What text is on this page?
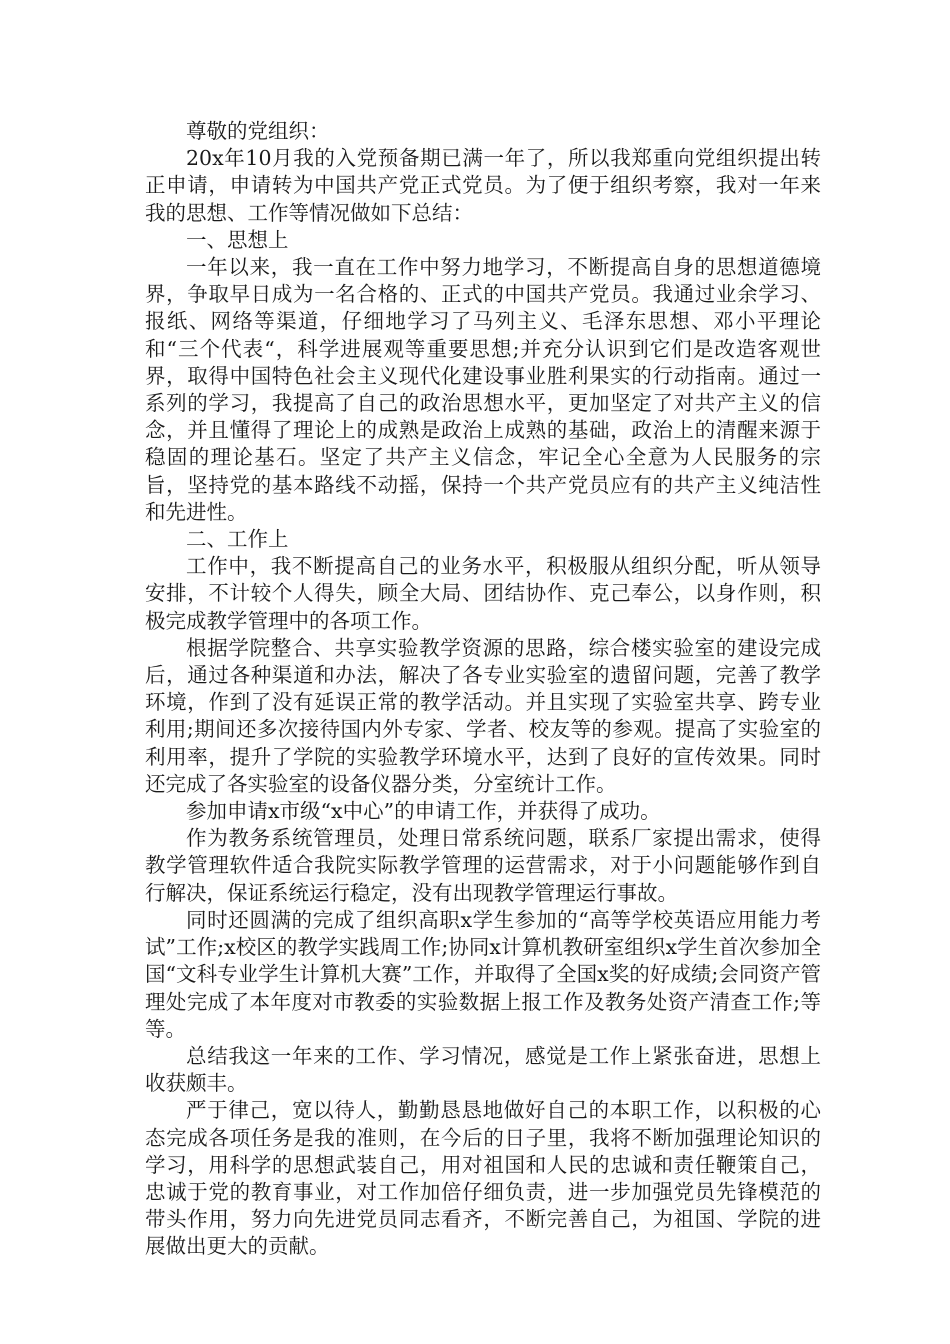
尊敬的党组织：

20x年10月我的入党预备期已满一年了，所以我郑重向党组织提出转正申请，申请转为中国共产党正式党员。为了便于组织考察，我对一年来我的思想、工作等情况做如下总结：

一、思想上

一年以来，我一直在工作中努力地学习，不断提高自身的思想道德境界，争取早日成为一名合格的、正式的中国共产党员。我通过业余学习、报纸、网络等渠道，仔细地学习了马列主义、毛泽东思想、邓小平理论和“三个代表“，科学进展观等重要思想;并充分认识到它们是改造客观世界，取得中国特色社会主义现代化建设事业胜利果实的行动指南。通过一系列的学习，我提高了自己的政治思想水平，更加坚定了对共产主义的信念，并且懂得了理论上的成熟是政治上成熟的基础，政治上的清醒来源于稳固的理论基石。坚定了共产主义信念，牢记全心全意为人民服务的宗旨，坚持党的基本路线不动摇，保持一个共产党员应有的共产主义纯洁性和先进性。

二、工作上

工作中，我不断提高自己的业务水平，积极服从组织分配，听从领导安排，不计较个人得失，顾全大局、团结协作、克己奉公，以身作则，积极完成教学管理中的各项工作。

根据学院整合、共享实验教学资源的思路，综合楼实验室的建设完成后，通过各种渠道和办法，解决了各专业实验室的遗留问题，完善了教学环境，作到了没有延误正常的教学活动。并且实现了实验室共享、跨专业利用;期间还多次接待国内外专家、学者、校友等的参观。提高了实验室的利用率，提升了学院的实验教学环境水平，达到了良好的宣传效果。同时还完成了各实验室的设备仪器分类，分室统计工作。

参加申请x市级“x中心”的申请工作，并获得了成功。

作为教务系统管理员，处理日常系统问题，联系厂家提出需求，使得教学管理软件适合我院实际教学管理的运营需求，对于小问题能够作到自行解决，保证系统运行稳定，没有出现教学管理运行事故。

同时还圆满的完成了组织高职x学生参加的“高等学校英语应用能力考试”工作;x校区的教学实践周工作;协同x计算机教研室组织x学生首次参加全国“文科专业学生计算机大赛”工作，并取得了全国x奖的好成绩;会同资产管理处完成了本年度对市教委的实验数据上报工作及教务处资产清查工作;等等。

总结我这一年来的工作、学习情况，感觉是工作上紧张奋进，思想上收获颇丰。

严于律己，宽以待人，勤勤恳恳地做好自己的本职工作，以积极的心态完成各项任务是我的准则，在今后的日子里，我将不断加强理论知识的学习，用科学的思想武装自己，用对祖国和人民的忠诚和责任鞭策自己，忠诚于党的教育事业，对工作加倍仔细负责，进一步加强党员先锋模范的带头作用，努力向先进党员同志看齐，不断完善自己，为祖国、学院的进展做出更大的贡献。
